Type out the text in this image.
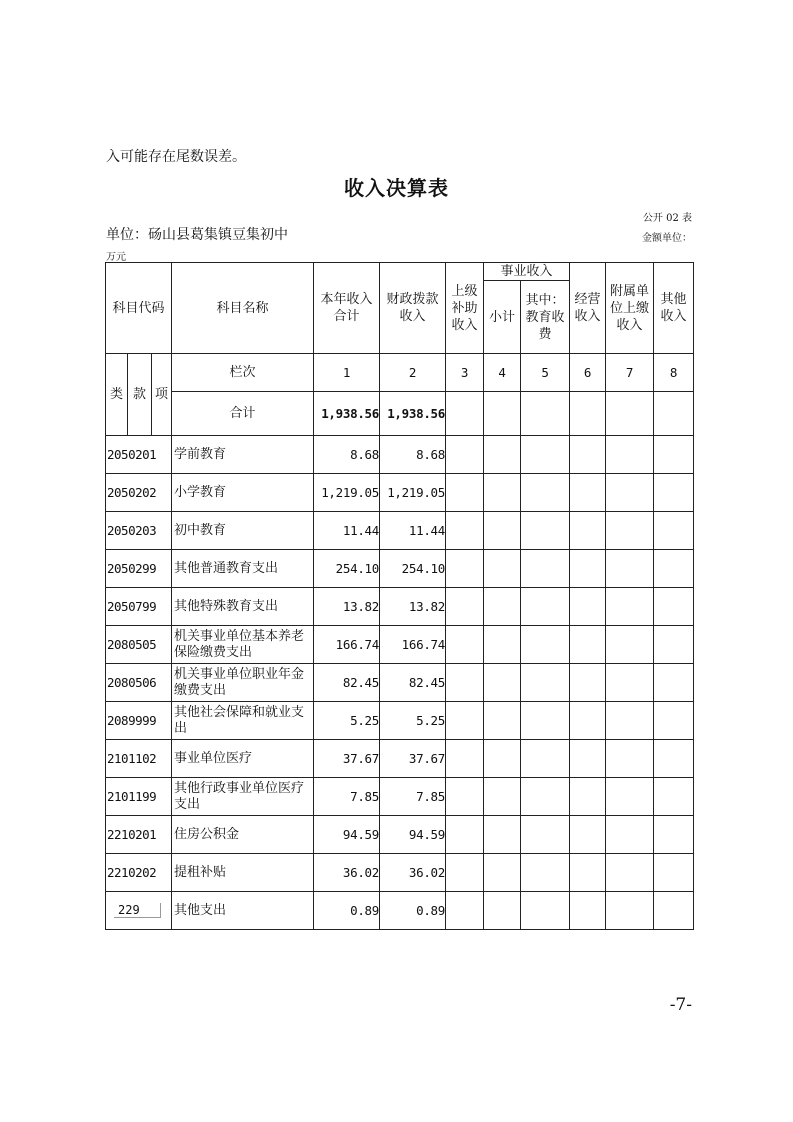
入可能存在尾数误差。
收入决算表
公开 02 表
单位：砀山县葛集镇豆集初中	金额单位：
万元
科目代码			科目名称	本年收入合计	财政拨款收入	上级补助收入	事业收入		经营收入	附属单位上缴收入	其他收入
							小计	其中：教育收费			
类	款	项	栏次	1	2	3	4	5	6	7	8
			合计	1,938.56	1,938.56						
2050201			学前教育	8.68	8.68						
2050202			小学教育	1,219.05	1,219.05						
2050203			初中教育	11.44	11.44						
2050299			其他普通教育支出	254.10	254.10						
2050799			其他特殊教育支出	13.82	13.82						
2080505			机关事业单位基本养老保险缴费支出	166.74	166.74						
2080506			机关事业单位职业年金缴费支出	82.45	82.45						
2089999			其他社会保障和就业支出	5.25	5.25						
2101102			事业单位医疗	37.67	37.67						
2101199			其他行政事业单位医疗支出	7.85	7.85						
2210201			住房公积金	94.59	94.59						
2210202			提租补贴	36.02	36.02						
229			其他支出	0.89	0.89						
-7-
